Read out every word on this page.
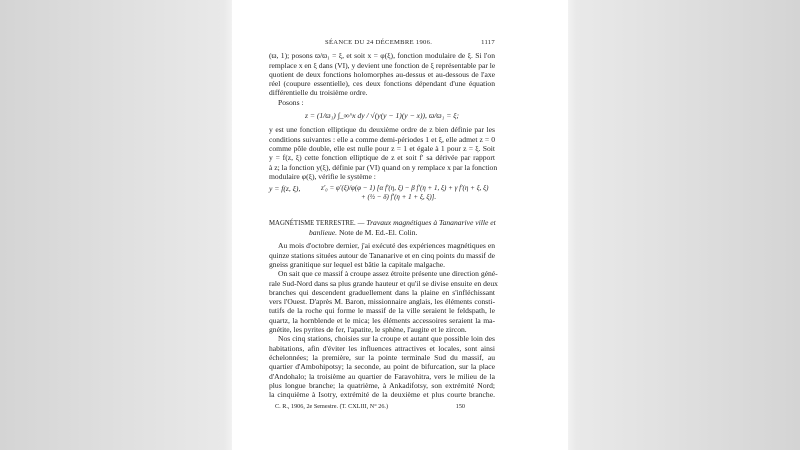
SÉANCE DU 24 DÉCEMBRE 1906.	1117
(ϖ, 1); posons ϖ/ϖ₁ = ξ, et soit x = φ(ξ), fonction modulaire de ξ. Si l'on
remplace x en ξ dans (VI), y devient une fonction de ξ représentable par le
quotient de deux fonctions holomorphes au-dessus et au-dessous de l'axe
réel (coupure essentielle), ces deux fonctions dépendant d'une équation
différentielle du troisième ordre.
Posons :
z = (1/ϖ₁) ∫_∞^x dy / √(y(y − 1)(y − x)), ϖ/ϖ₁ = ξ;
y est une fonction elliptique du deuxième ordre de z bien définie par les
conditions suivantes : elle a comme demi-périodes 1 et ξ, elle admet z = 0
comme pôle double, elle est nulle pour z = 1 et égale à 1 pour z = ξ. Soit
y = f(z, ξ) cette fonction elliptique de z et soit f′ sa dérivée par rapport
à z; la fonction y(ξ), définie par (VI) quand on y remplace x par la fonction
modulaire φ(ξ), vérifie le système :
y = f(z, ξ),	z′₀ = φ′(ξ)/φ(φ − 1) [α f′(η, ξ) − β f′(η + 1, ξ) + γ f′(η + ξ, ξ)
+ (½ − δ) f′(η + 1 + ξ, ξ)].
MAGNÉTISME TERRESTRE. — Travaux magnétiques à Tananarive ville et
banlieue. Note de M. Ed.-El. Colin.
Au mois d'octobre dernier, j'ai exécuté des expériences magnétiques en
quinze stations situées autour de Tananarive et en cinq points du massif de
gneiss granitique sur lequel est bâtie la capitale malgache.
On sait que ce massif à croupe assez étroite présente une direction géné-
rale Sud-Nord dans sa plus grande hauteur et qu'il se divise ensuite en deux
branches qui descendent graduellement dans la plaine en s'infléchissant
vers l'Ouest. D'après M. Baron, missionnaire anglais, les éléments consti-
tutifs de la roche qui forme le massif de la ville seraient le feldspath, le
quartz, la hornblende et le mica; les éléments accessoires seraient la ma-
gnétite, les pyrites de fer, l'apatite, le sphène, l'augite et le zircon.
Nos cinq stations, choisies sur la croupe et autant que possible loin des
habitations, afin d'éviter les influences attractives et locales, sont ainsi
échelonnées; la première, sur la pointe terminale Sud du massif, au
quartier d'Ambohipotsy; la seconde, au point de bifurcation, sur la place
d'Andohalo; la troisième au quartier de Faravohitra, vers le milieu de la
plus longue branche; la quatrième, à Ankadifotsy, son extrémité Nord;
la cinquième à Isotry, extrémité de la deuxième et plus courte branche.
C. R., 1906, 2e Semestre. (T. CXLIII, N° 26.)	150
